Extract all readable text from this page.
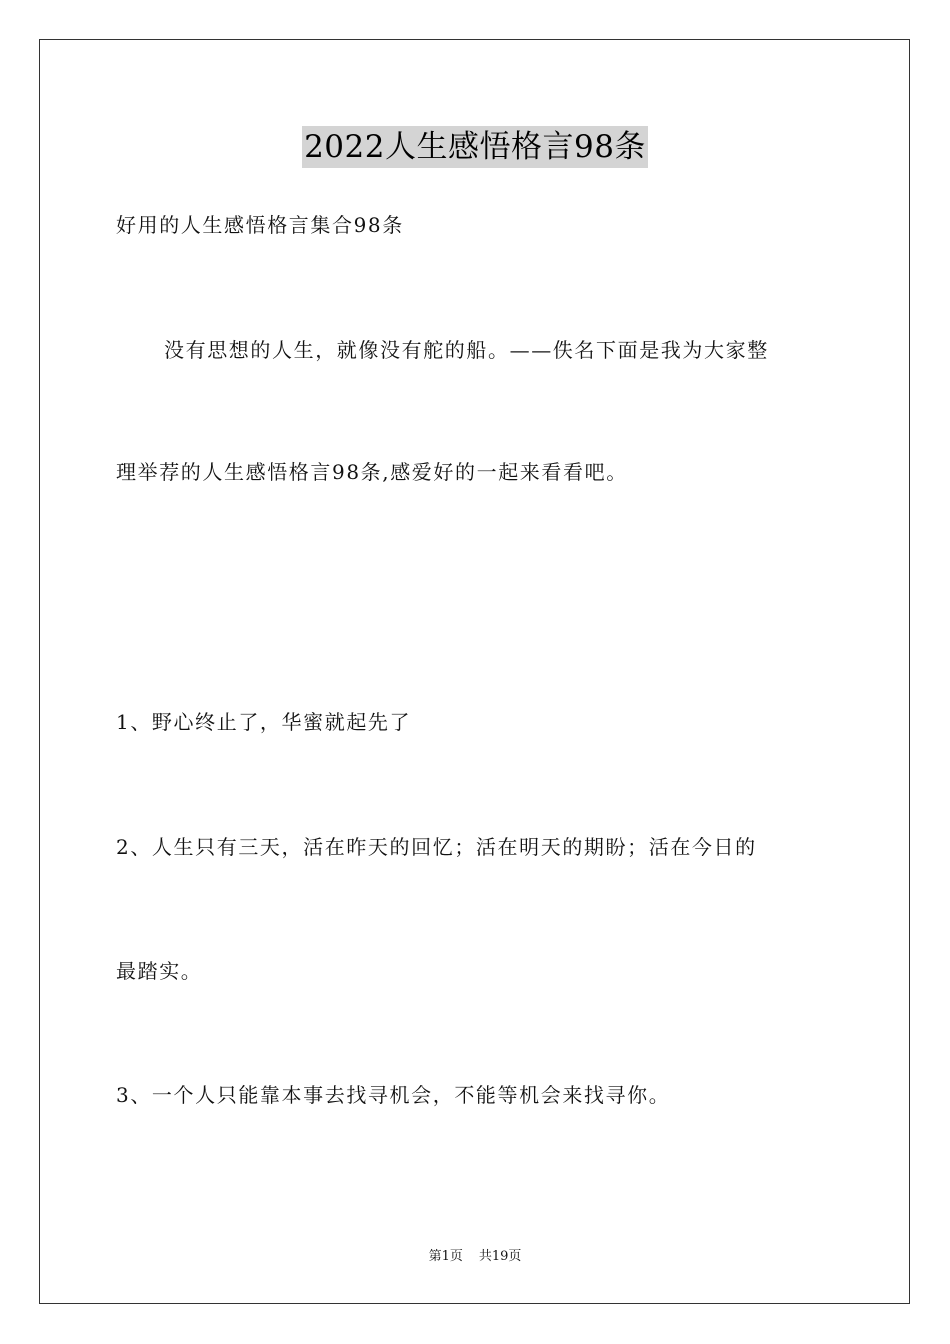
2022人生感悟格言98条
好用的人生感悟格言集合98条
没有思想的人生，就像没有舵的船。——佚名下面是我为大家整
理举荐的人生感悟格言98条,感爱好的一起来看看吧。
1、野心终止了，华蜜就起先了
2、人生只有三天，活在昨天的回忆；活在明天的期盼；活在今日的
最踏实。
3、一个人只能靠本事去找寻机会，不能等机会来找寻你。
第1页 共19页
